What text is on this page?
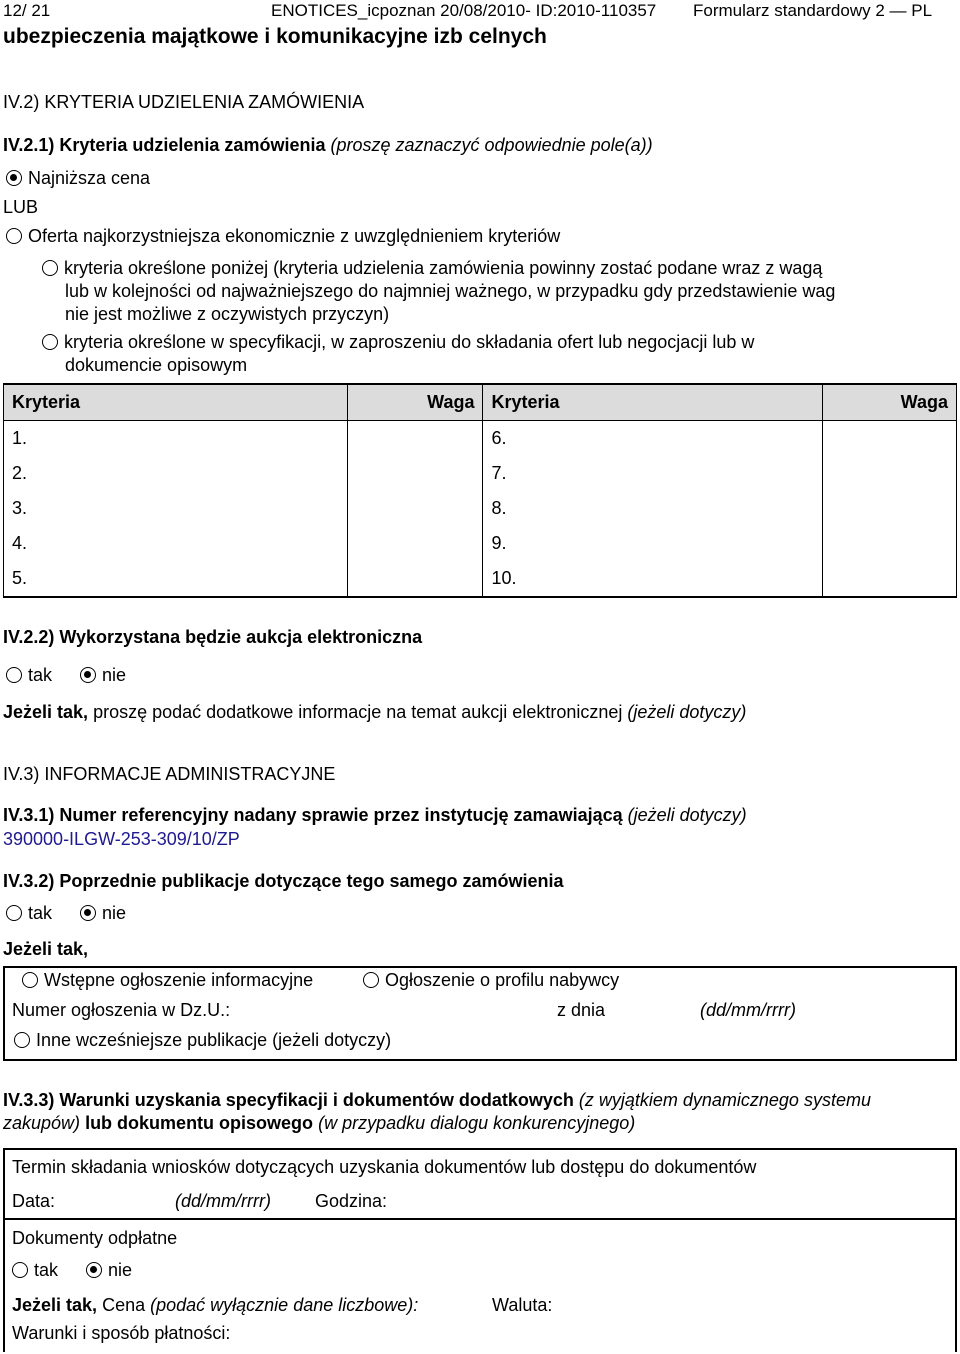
12/ 21	ENOTICES_icpoznan 20/08/2010- ID:2010-110357 Formularz standardowy 2 — PL
ubezpieczenia majątkowe i komunikacyjne izb celnych
IV.2) KRYTERIA UDZIELENIA ZAMÓWIENIA
IV.2.1) Kryteria udzielenia zamówienia (proszę zaznaczyć odpowiednie pole(a))
Najniższa cena
LUB
Oferta najkorzystniejsza ekonomicznie z uwzględnieniem kryteriów
kryteria określone poniżej (kryteria udzielenia zamówienia powinny zostać podane wraz z wagą
lub w kolejności od najważniejszego do najmniej ważnego, w przypadku gdy przedstawienie wag
nie jest możliwe z oczywistych przyczyn)
kryteria określone w specyfikacji, w zaproszeniu do składania ofert lub negocjacji lub w
dokumencie opisowym
Kryteria	Waga	Kryteria	Waga
1.		6.	
2.		7.	
3.		8.	
4.		9.	
5.		10.	
IV.2.2) Wykorzystana będzie aukcja elektroniczna
tak	nie
Jeżeli tak, proszę podać dodatkowe informacje na temat aukcji elektronicznej (jeżeli dotyczy)
IV.3) INFORMACJE ADMINISTRACYJNE
IV.3.1) Numer referencyjny nadany sprawie przez instytucję zamawiającą (jeżeli dotyczy)
390000-ILGW-253-309/10/ZP
IV.3.2) Poprzednie publikacje dotyczące tego samego zamówienia
tak	nie
Jeżeli tak,
Wstępne ogłoszenie informacyjne	Ogłoszenie o profilu nabywcy
Numer ogłoszenia w Dz.U.:	z dnia	(dd/mm/rrrr)
Inne wcześniejsze publikacje (jeżeli dotyczy)
IV.3.3) Warunki uzyskania specyfikacji i dokumentów dodatkowych (z wyjątkiem dynamicznego systemu
zakupów) lub dokumentu opisowego (w przypadku dialogu konkurencyjnego)
Termin składania wniosków dotyczących uzyskania dokumentów lub dostępu do dokumentów
Data:	(dd/mm/rrrr) Godzina:
Dokumenty odpłatne
tak	nie
Jeżeli tak, Cena (podać wyłącznie dane liczbowe):	Waluta:
Warunki i sposób płatności:
